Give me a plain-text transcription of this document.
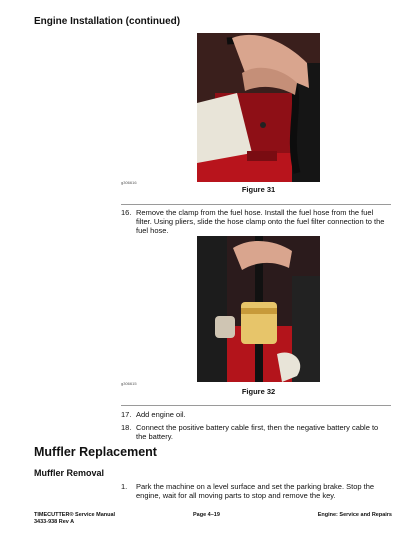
Engine Installation (continued)
g306616
Figure 31
16. Remove the clamp from the fuel hose. Install the fuel hose from the fuel filter. Using pliers, slide the hose clamp onto the fuel filter connection to the fuel hose.
g306615
Figure 32
17. Add engine oil.
18. Connect the positive battery cable first, then the negative battery cable to the battery.
Muffler Replacement
Muffler Removal
1.	Park the machine on a level surface and set the parking brake. Stop the engine, wait for all moving parts to stop and remove the key.
TIMECUTTER® Service Manual
3433-938 Rev A
Page 4–19	Engine: Service and Repairs
